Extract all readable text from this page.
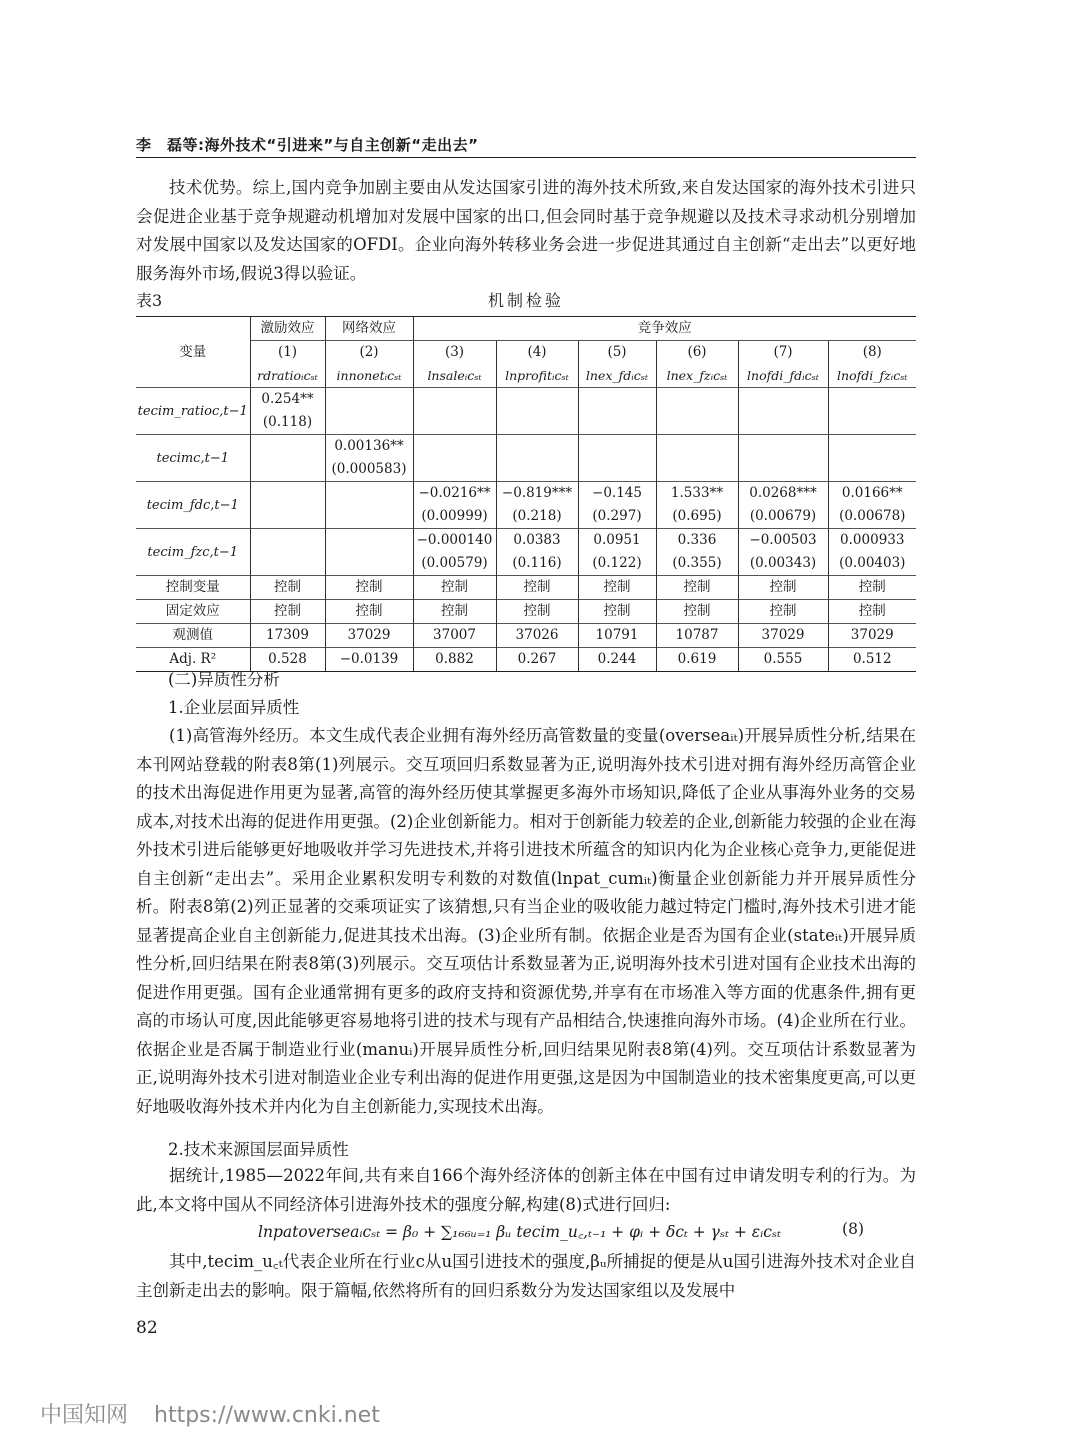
李　磊等:海外技术“引进来”与自主创新“走出去”

技术优势。综上,国内竞争加剧主要由从发达国家引进的海外技术所致,来自发达国家的海外技术引进只会促进企业基于竞争规避动机增加对发展中国家的出口,但会同时基于竞争规避以及技术寻求动机分别增加对发展中国家以及发达国家的OFDI。企业向海外转移业务会进一步促进其通过自主创新“走出去”以更好地服务海外市场,假说3得以验证。

表3	机制检验
变量	激励效应	网络效应	竞争效应					
	(1)	(2)	(3)	(4)	(5)	(6)	(7)	(8)
	rdratioᵢcₛₜ	innonetᵢcₛₜ	lnsaleᵢcₛₜ	lnprofitᵢcₛₜ	lnex_fdᵢcₛₜ	lnex_fzᵢcₛₜ	lnofdi_fdᵢcₛₜ	lnofdi_fzᵢcₛₜ
tecim_ratioc,t−1	0.254**							
	(0.118)							
tecimc,t−1		0.00136**						
		(0.000583)						
tecim_fdc,t−1			−0.0216**	−0.819***	−0.145	1.533**	0.0268***	0.0166**
			(0.00999)	(0.218)	(0.297)	(0.695)	(0.00679)	(0.00678)
tecim_fzc,t−1			−0.000140	0.0383	0.0951	0.336	−0.00503	0.000933
			(0.00579)	(0.116)	(0.122)	(0.355)	(0.00343)	(0.00403)
控制变量	控制	控制	控制	控制	控制	控制	控制	控制
固定效应	控制	控制	控制	控制	控制	控制	控制	控制
观测值	17309	37029	37007	37026	10791	10787	37029	37029
Adj. R²	0.528	−0.0139	0.882	0.267	0.244	0.619	0.555	0.512
(二)异质性分析
1.企业层面异质性

(1)高管海外经历。本文生成代表企业拥有海外经历高管数量的变量(overseaᵢₜ)开展异质性分析,结果在本刊网站登载的附表8第(1)列展示。交互项回归系数显著为正,说明海外技术引进对拥有海外经历高管企业的技术出海促进作用更为显著,高管的海外经历使其掌握更多海外市场知识,降低了企业从事海外业务的交易成本,对技术出海的促进作用更强。(2)企业创新能力。相对于创新能力较差的企业,创新能力较强的企业在海外技术引进后能够更好地吸收并学习先进技术,并将引进技术所蕴含的知识内化为企业核心竞争力,更能促进自主创新“走出去”。采用企业累积发明专利数的对数值(lnpat_cumᵢₜ)衡量企业创新能力并开展异质性分析。附表8第(2)列正显著的交乘项证实了该猜想,只有当企业的吸收能力越过特定门槛时,海外技术引进才能显著提高企业自主创新能力,促进其技术出海。(3)企业所有制。依据企业是否为国有企业(stateᵢₜ)开展异质性分析,回归结果在附表8第(3)列展示。交互项估计系数显著为正,说明海外技术引进对国有企业技术出海的促进作用更强。国有企业通常拥有更多的政府支持和资源优势,并享有在市场准入等方面的优惠条件,拥有更高的市场认可度,因此能够更容易地将引进的技术与现有产品相结合,快速推向海外市场。(4)企业所在行业。依据企业是否属于制造业行业(manuᵢ)开展异质性分析,回归结果见附表8第(4)列。交互项估计系数显著为正,说明海外技术引进对制造业企业专利出海的促进作用更强,这是因为中国制造业的技术密集度更高,可以更好地吸收海外技术并内化为自主创新能力,实现技术出海。

2.技术来源国层面异质性

据统计,1985—2022年间,共有来自166个海外经济体的创新主体在中国有过申请发明专利的行为。为此,本文将中国从不同经济体引进海外技术的强度分解,构建(8)式进行回归:

lnpatoverseaᵢcₛₜ = β₀ + ∑₁₆₆ᵤ₌₁ βᵤ tecim_u꜀,ₜ₋₁ + φᵢ + δcₜ + γₛₜ + εᵢcₛₜ	(8)

其中,tecim_u꜀ₜ代表企业所在行业c从u国引进技术的强度,βᵤ所捕捉的便是从u国引进海外技术对企业自主创新走出去的影响。限于篇幅,依然将所有的回归系数分为发达国家组以及发展中

82
中国知网 https://www.cnki.net
